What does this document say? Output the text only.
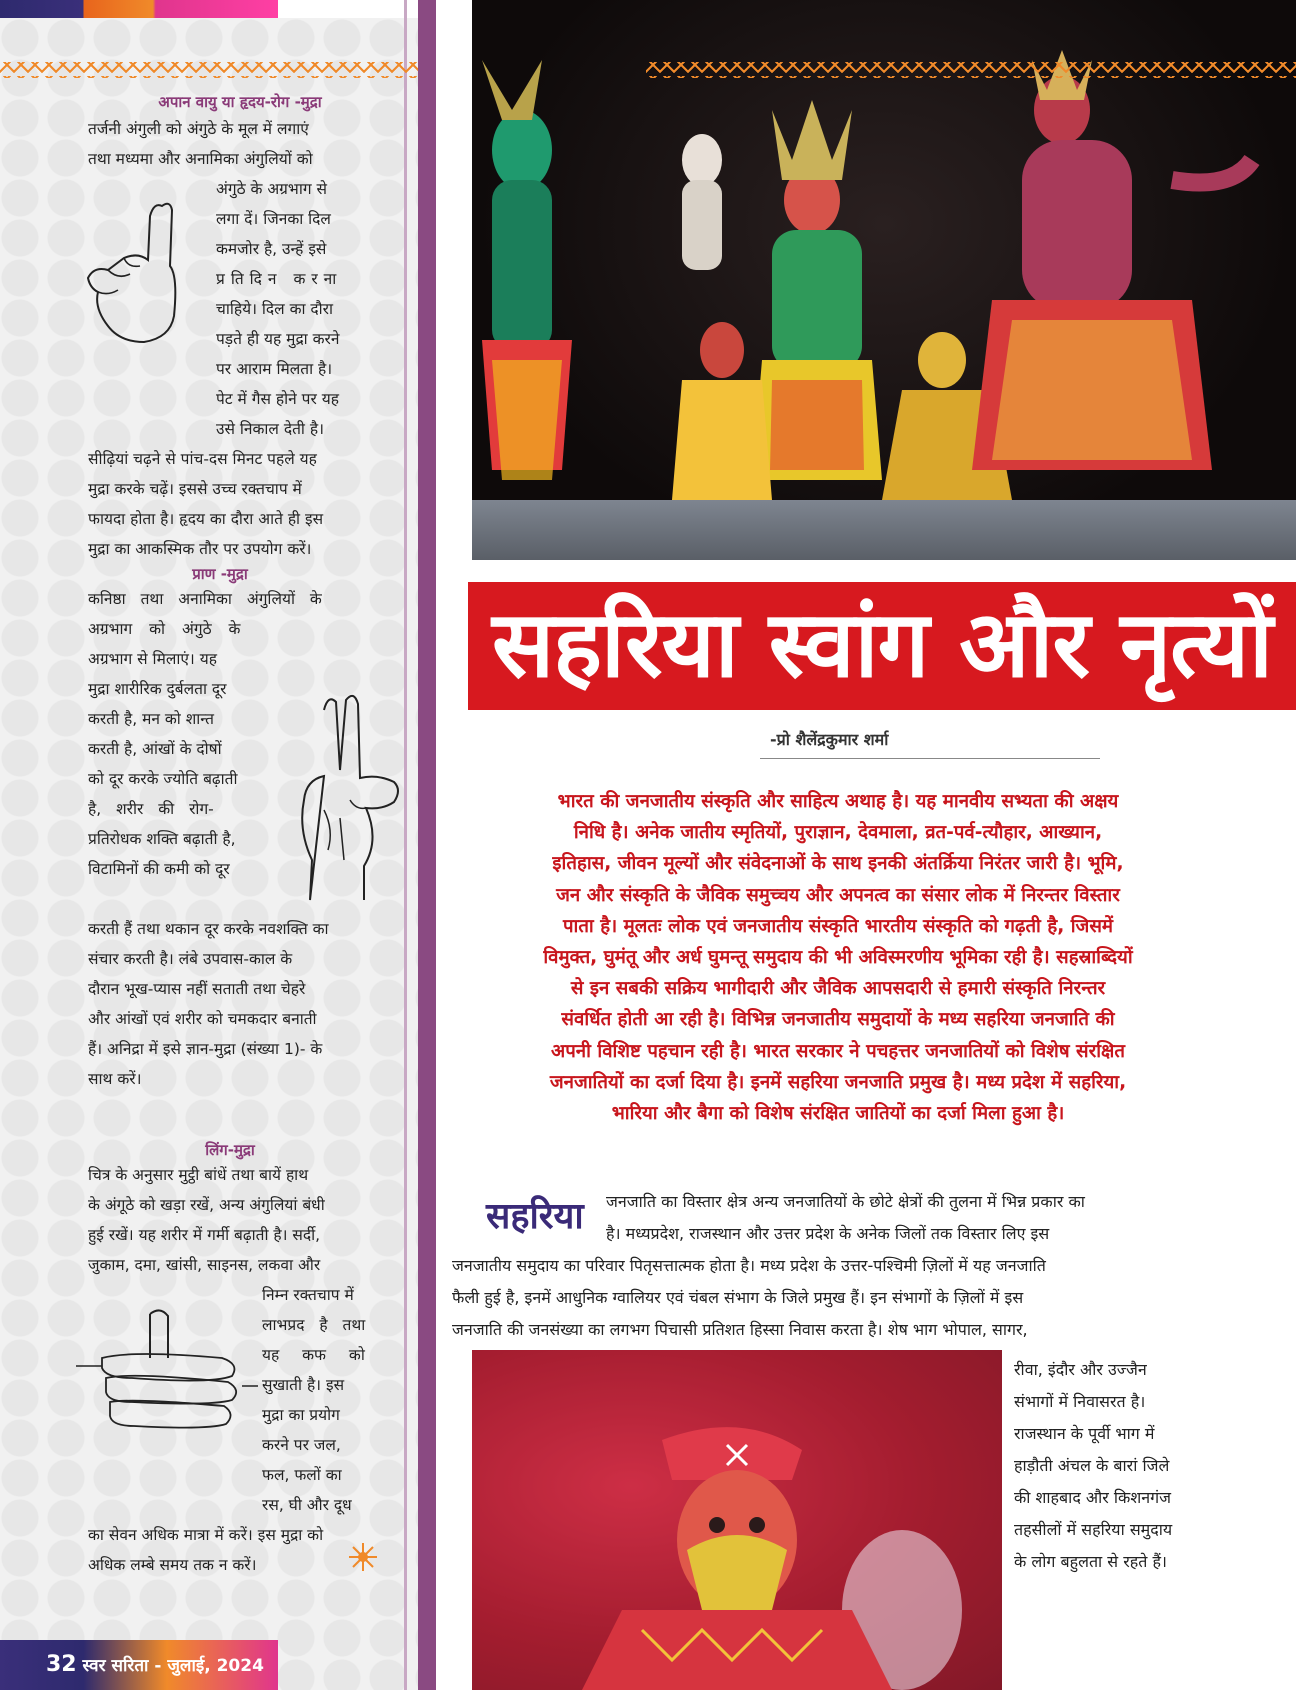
अपान वायु या हृदय-रोग -मुद्रा
तर्जनी अंगुली को अंगुठे के मूल में लगाएं
तथा मध्यमा और अनामिका अंगुलियों को
अंगुठे के अग्रभाग से
लगा दें। जिनका दिल
कमजोर है, उन्हें इसे
प्रतिदिन करना
चाहिये। दिल का दौरा
पड़ते ही यह मुद्रा करने
पर आराम मिलता है।
पेट में गैस होने पर यह
उसे निकाल देती है।
सीढ़ियां चढ़ने से पांच-दस मिनट पहले यह
मुद्रा करके चढ़ें। इससे उच्च रक्तचाप में
फायदा होता है। हृदय का दौरा आते ही इस
मुद्रा का आकस्मिक तौर पर उपयोग करें।
प्राण -मुद्रा
कनिष्ठा तथा अनामिका अंगुलियों के
अग्रभाग को अंगुठे के
अग्रभाग से मिलाएं। यह
मुद्रा शारीरिक दुर्बलता दूर
करती है, मन को शान्त
करती है, आंखों के दोषों
को दूर करके ज्योति बढ़ाती
है, शरीर की रोग-
प्रतिरोधक शक्ति बढ़ाती है,
विटामिनों की कमी को दूर
करती हैं तथा थकान दूर करके नवशक्ति का
संचार करती है। लंबे उपवास-काल के
दौरान भूख-प्यास नहीं सताती तथा चेहरे
और आंखों एवं शरीर को चमकदार बनाती
हैं। अनिद्रा में इसे ज्ञान-मुद्रा (संख्या 1)- के
साथ करें।
लिंग-मुद्रा
चित्र के अनुसार मुट्ठी बांधें तथा बायें हाथ
के अंगूठे को खड़ा रखें, अन्य अंगुलियां बंधी
हुई रखें। यह शरीर में गर्मी बढ़ाती है। सर्दी,
जुकाम, दमा, खांसी, साइनस, लकवा और
निम्न रक्तचाप में
लाभप्रद है तथा
यह कफ को
सुखाती है। इस
मुद्रा का प्रयोग
करने पर जल,
फल, फलों का
रस, घी और दूध
का सेवन अधिक मात्रा में करें। इस मुद्रा को
अधिक लम्बे समय तक न करें।
32 स्वर सरिता - जुलाई, 2024
सहरिया स्वांग और नृत्यों
-प्रो शैलेंद्रकुमार शर्मा
भारत की जनजातीय संस्कृति और साहित्य अथाह है। यह मानवीय सभ्यता की अक्षय
निधि है। अनेक जातीय स्मृतियों, पुराज्ञान, देवमाला, व्रत-पर्व-त्यौहार, आख्यान,
इतिहास, जीवन मूल्यों और संवेदनाओं के साथ इनकी अंतर्क्रिया निरंतर जारी है। भूमि,
जन और संस्कृति के जैविक समुच्चय और अपनत्व का संसार लोक में निरन्तर विस्तार
पाता है। मूलतः लोक एवं जनजातीय संस्कृति भारतीय संस्कृति को गढ़ती है, जिसमें
विमुक्त, घुमंतू और अर्ध घुमन्तू समुदाय की भी अविस्मरणीय भूमिका रही है। सहस्राब्दियों
से इन सबकी सक्रिय भागीदारी और जैविक आपसदारी से हमारी संस्कृति निरन्तर
संवर्धित होती आ रही है। विभिन्न जनजातीय समुदायों के मध्य सहरिया जनजाति की
अपनी विशिष्ट पहचान रही है। भारत सरकार ने पचहत्तर जनजातियों को विशेष संरक्षित
जनजातियों का दर्जा दिया है। इनमें सहरिया जनजाति प्रमुख है। मध्य प्रदेश में सहरिया,
भारिया और बैगा को विशेष संरक्षित जातियों का दर्जा मिला हुआ है।
सहरिया जनजाति का विस्तार क्षेत्र अन्य जनजातियों के छोटे क्षेत्रों की तुलना में भिन्न प्रकार का
है। मध्यप्रदेश, राजस्थान और उत्तर प्रदेश के अनेक जिलों तक विस्तार लिए इस
जनजातीय समुदाय का परिवार पितृसत्तात्मक होता है। मध्य प्रदेश के उत्तर-पश्चिमी ज़िलों में यह जनजाति
फैली हुई है, इनमें आधुनिक ग्वालियर एवं चंबल संभाग के जिले प्रमुख हैं। इन संभागों के ज़िलों में इस
जनजाति की जनसंख्या का लगभग पिचासी प्रतिशत हिस्सा निवास करता है। शेष भाग भोपाल, सागर,
रीवा, इंदौर और उज्जैन
संभागों में निवासरत है।
राजस्थान के पूर्वी भाग में
हाड़ौती अंचल के बारां जिले
की शाहबाद और किशनगंज
तहसीलों में सहरिया समुदाय
के लोग बहुलता से रहते हैं।
